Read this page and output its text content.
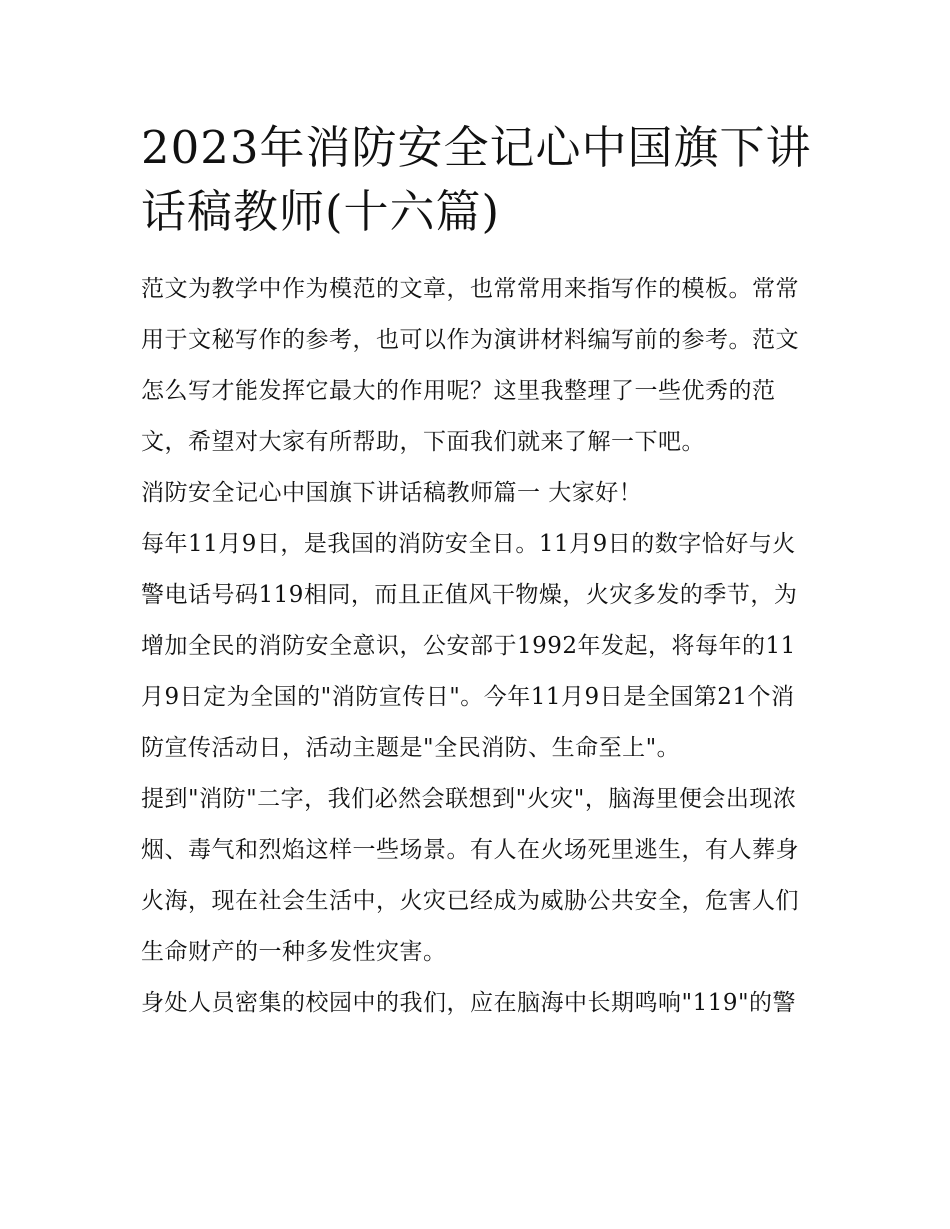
2023年消防安全记心中国旗下讲话稿教师(十六篇)

范文为教学中作为模范的文章，也常常用来指写作的模板。常常用于文秘写作的参考，也可以作为演讲材料编写前的参考。范文怎么写才能发挥它最大的作用呢？这里我整理了一些优秀的范文，希望对大家有所帮助，下面我们就来了解一下吧。

消防安全记心中国旗下讲话稿教师篇一 大家好！

每年11月9日，是我国的消防安全日。11月9日的数字恰好与火警电话号码119相同，而且正值风干物燥，火灾多发的季节，为增加全民的消防安全意识，公安部于1992年发起，将每年的11月9日定为全国的"消防宣传日"。今年11月9日是全国第21个消防宣传活动日，活动主题是"全民消防、生命至上"。

提到"消防"二字，我们必然会联想到"火灾"，脑海里便会出现浓烟、毒气和烈焰这样一些场景。有人在火场死里逃生，有人葬身火海，现在社会生活中，火灾已经成为威胁公共安全，危害人们生命财产的一种多发性灾害。

身处人员密集的校园中的我们，应在脑海中长期鸣响"119"的警
